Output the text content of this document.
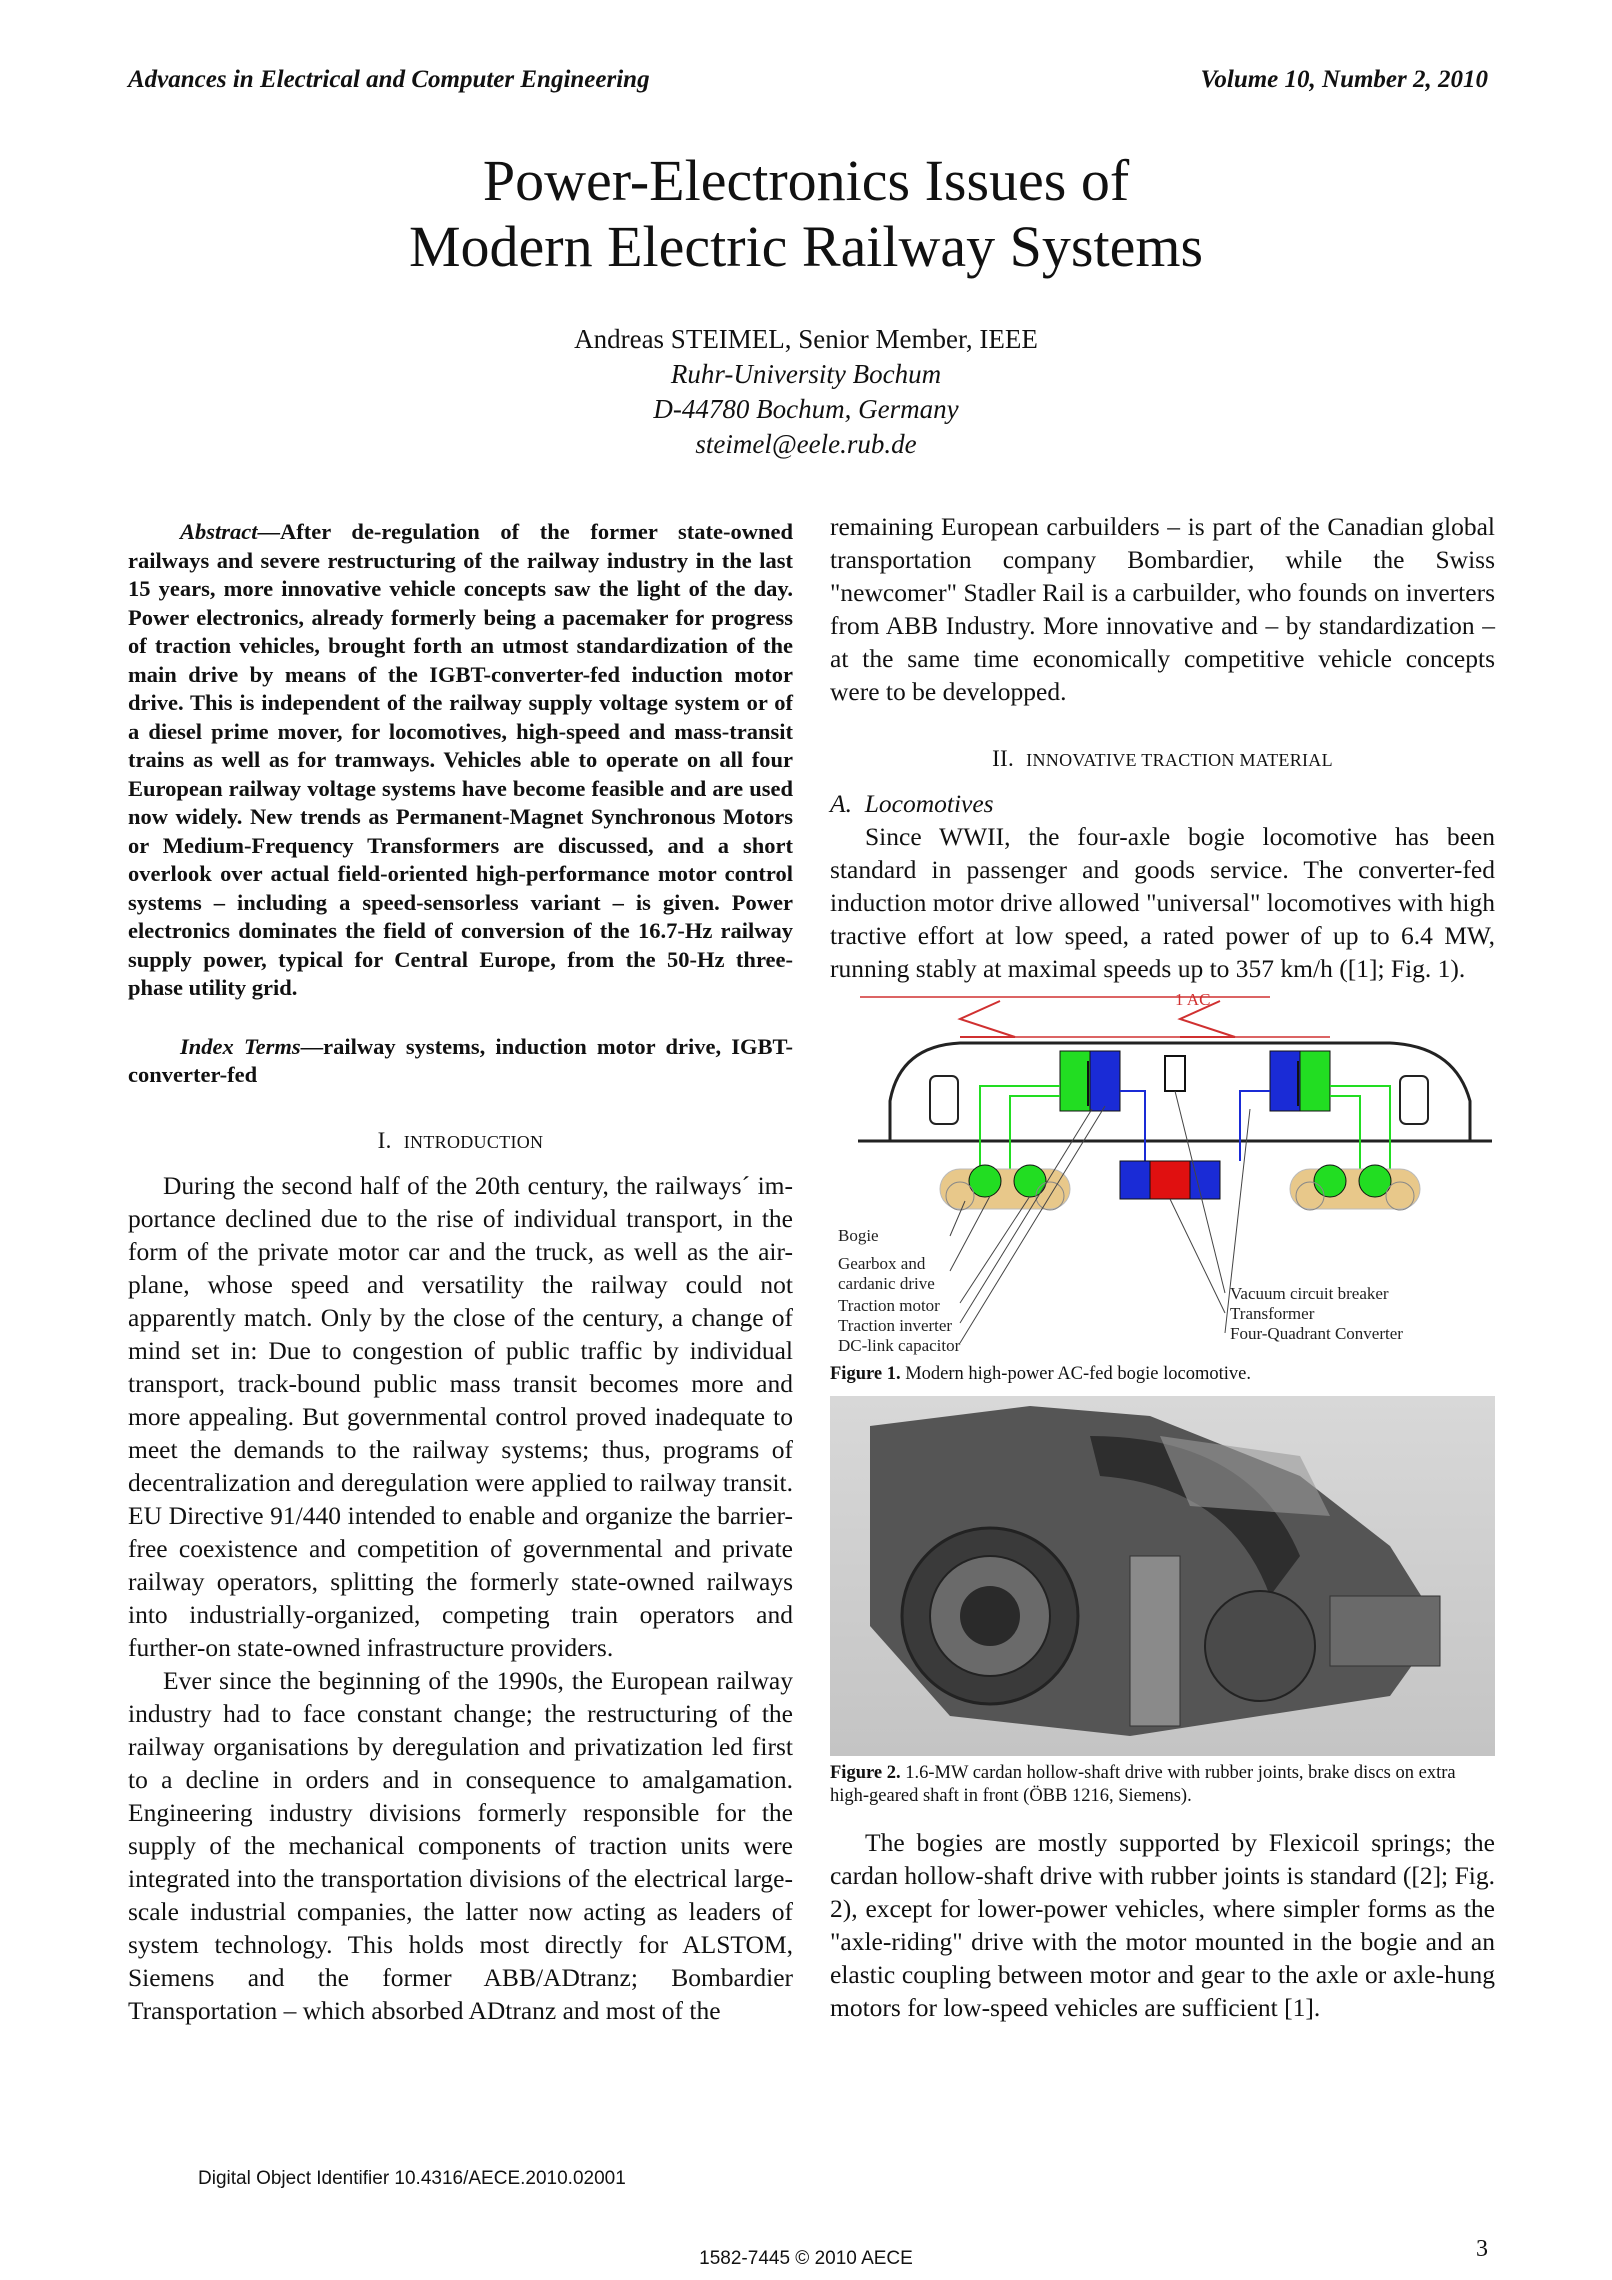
Advances in Electrical and Computer Engineering	Volume 10, Number 2, 2010
Power-Electronics Issues of
Modern Electric Railway Systems
Andreas STEIMEL, Senior Member, IEEE
Ruhr-University Bochum
D-44780 Bochum, Germany
steimel@eele.rub.de

Abstract—After de-regulation of the former state-owned railways and severe restructuring of the railway industry in the last 15 years, more innovative vehicle concepts saw the light of the day. Power electronics, already formerly being a pacemaker for progress of traction vehicles, brought forth an utmost standardization of the main drive by means of the IGBT-converter-fed induction motor drive. This is independent of the railway supply voltage system or of a diesel prime mover, for locomotives, high-speed and mass-transit trains as well as for tramways. Vehicles able to operate on all four European railway voltage systems have become feasible and are used now widely. New trends as Permanent-Magnet Synchronous Motors or Medium-Frequency Transformers are discussed, and a short overlook over actual field-oriented high-performance motor control systems – including a speed-sensorless variant – is given. Power electronics dominates the field of conversion of the 16.7-Hz railway supply power, typical for Central Europe, from the 50-Hz three-phase utility grid.

Index Terms—railway systems, induction motor drive, IGBT-converter-fed

I. INTRODUCTION

During the second half of the 20th century, the railways´ im-portance declined due to the rise of individual transport, in the form of the private motor car and the truck, as well as the air- plane, whose speed and versatility the railway could not apparently match. Only by the close of the century, a change of mind set in: Due to congestion of public traffic by individual transport, track-bound public mass transit becomes more and more appealing. But governmental control proved inadequate to meet the demands to the railway systems; thus, programs of decentralization and deregulation were applied to railway transit. EU Directive 91/440 intended to enable and organize the barrier-free coexistence and competition of governmental and private railway operators, splitting the formerly state-owned railways into industrially-organized, competing train operators and further-on state-owned infrastructure providers.

Ever since the beginning of the 1990s, the European railway industry had to face constant change; the restructuring of the railway organisations by deregulation and privatization led first to a decline in orders and in consequence to amalgamation. Engineering industry divisions formerly responsible for the supply of the mechanical components of traction units were integrated into the transportation divisions of the electrical large-scale industrial companies, the latter now acting as leaders of system technology. This holds most directly for ALSTOM, Siemens and the former ABB/ADtranz; Bombardier Transportation – which absorbed ADtranz and most of the

remaining European carbuilders – is part of the Canadian global transportation company Bombardier, while the Swiss "newcomer" Stadler Rail is a carbuilder, who founds on inverters from ABB Industry. More innovative and – by standardization – at the same time economically competitive vehicle concepts were to be developped.

II. INNOVATIVE TRACTION MATERIAL

A. Locomotives

Since WWII, the four-axle bogie locomotive has been standard in passenger and goods service. The converter-fed induction motor drive allowed "universal" locomotives with high tractive effort at low speed, a rated power of up to 6.4 MW, running stably at maximal speeds up to 357 km/h ([1]; Fig. 1).

1 AC
Bogie
Gearbox and
cardanic drive
Traction motor
Traction inverter
DC-link capacitor
Vacuum circuit breaker
Transformer
Four-Quadrant Converter

Figure 1. Modern high-power AC-fed bogie locomotive.

Figure 2. 1.6-MW cardan hollow-shaft drive with rubber joints, brake discs on extra high-geared shaft in front (ÖBB 1216, Siemens).

The bogies are mostly supported by Flexicoil springs; the cardan hollow-shaft drive with rubber joints is standard ([2]; Fig. 2), except for lower-power vehicles, where simpler forms as the "axle-riding" drive with the motor mounted in the bogie and an elastic coupling between motor and gear to the axle or axle-hung motors for low-speed vehicles are sufficient [1].

Digital Object Identifier 10.4316/AECE.2010.02001
3
1582-7445 © 2010 AECE
